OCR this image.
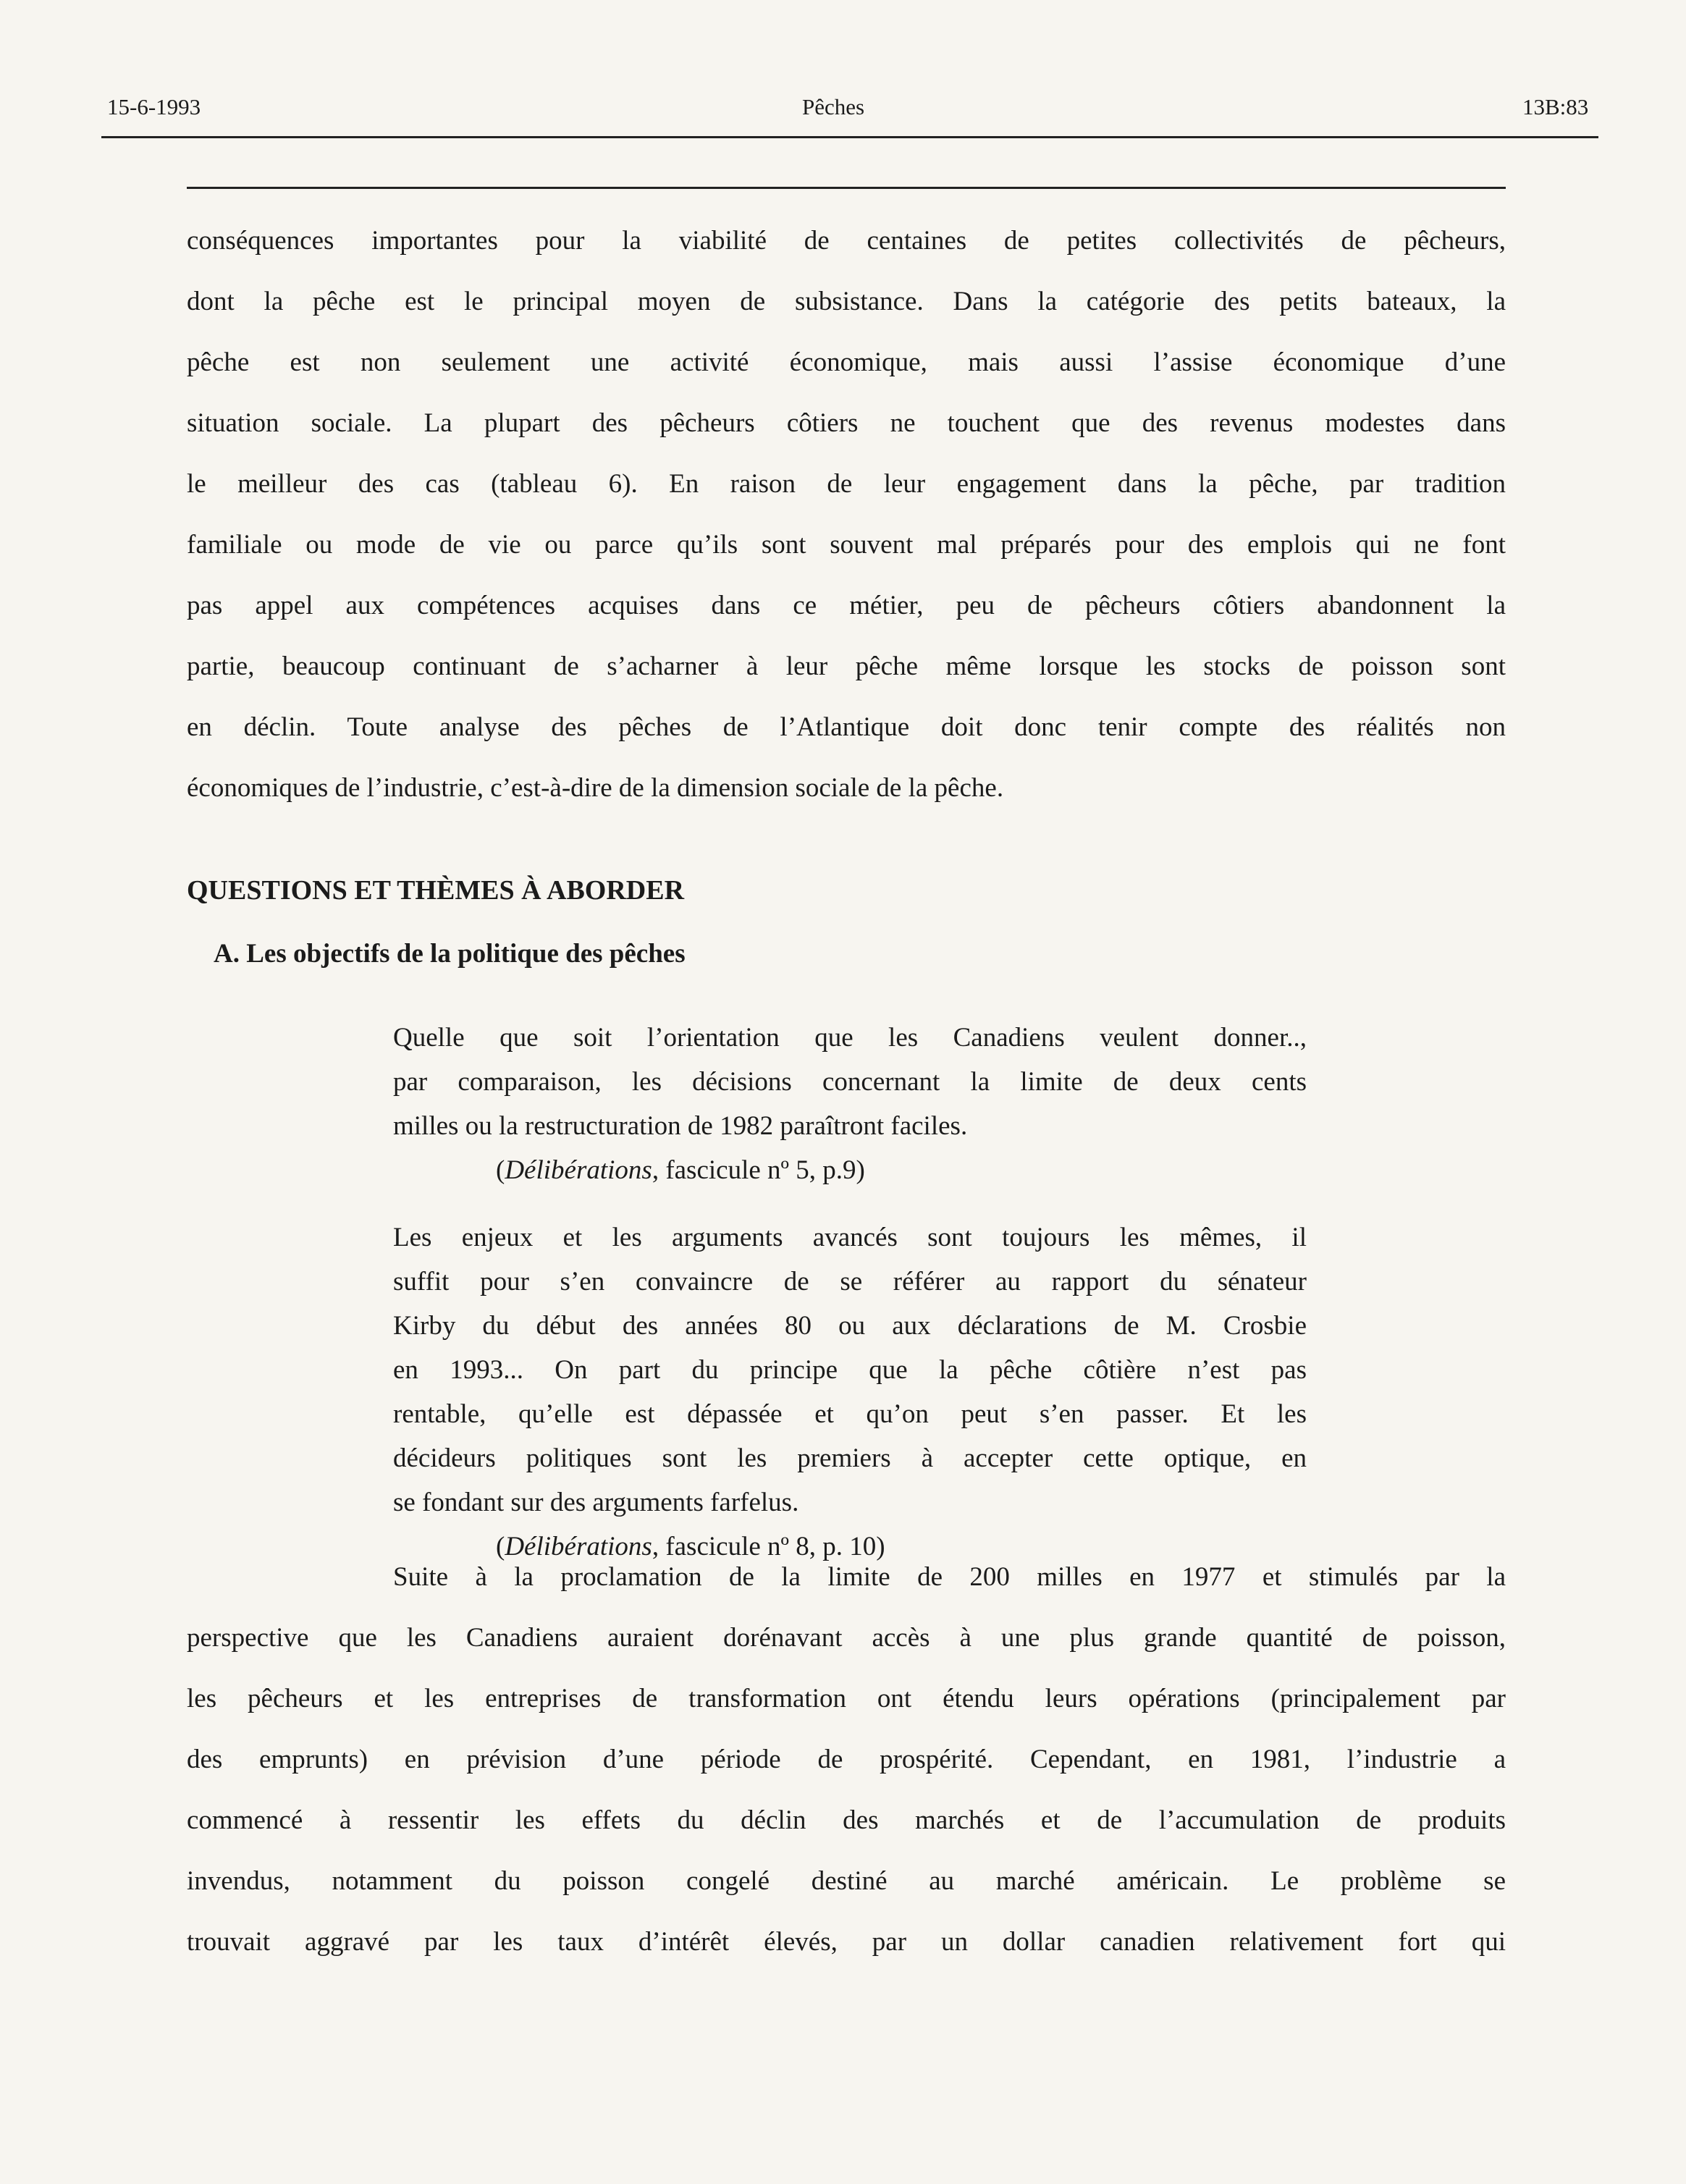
15-6-1993	Pêches	13B:83
conséquences importantes pour la viabilité de centaines de petites collectivités de pêcheurs,
dont la pêche est le principal moyen de subsistance. Dans la catégorie des petits bateaux, la
pêche est non seulement une activité économique, mais aussi l’assise économique d’une
situation sociale. La plupart des pêcheurs côtiers ne touchent que des revenus modestes dans
le meilleur des cas (tableau 6). En raison de leur engagement dans la pêche, par tradition
familiale ou mode de vie ou parce qu’ils sont souvent mal préparés pour des emplois qui ne font
pas appel aux compétences acquises dans ce métier, peu de pêcheurs côtiers abandonnent la
partie, beaucoup continuant de s’acharner à leur pêche même lorsque les stocks de poisson sont
en déclin. Toute analyse des pêches de l’Atlantique doit donc tenir compte des réalités non
économiques de l’industrie, c’est-à-dire de la dimension sociale de la pêche.
QUESTIONS ET THÈMES À ABORDER
A. Les objectifs de la politique des pêches
Quelle que soit l’orientation que les Canadiens veulent donner..,
par comparaison, les décisions concernant la limite de deux cents
milles ou la restructuration de 1982 paraîtront faciles.
(Délibérations, fascicule nº 5, p.9)
Les enjeux et les arguments avancés sont toujours les mêmes, il
suffit pour s’en convaincre de se référer au rapport du sénateur
Kirby du début des années 80 ou aux déclarations de M. Crosbie
en 1993... On part du principe que la pêche côtière n’est pas
rentable, qu’elle est dépassée et qu’on peut s’en passer. Et les
décideurs politiques sont les premiers à accepter cette optique, en
se fondant sur des arguments farfelus.
(Délibérations, fascicule nº 8, p. 10)
Suite à la proclamation de la limite de 200 milles en 1977 et stimulés par la
perspective que les Canadiens auraient dorénavant accès à une plus grande quantité de poisson,
les pêcheurs et les entreprises de transformation ont étendu leurs opérations (principalement par
des emprunts) en prévision d’une période de prospérité. Cependant, en 1981, l’industrie a
commencé à ressentir les effets du déclin des marchés et de l’accumulation de produits
invendus, notamment du poisson congelé destiné au marché américain. Le problème se
trouvait aggravé par les taux d’intérêt élevés, par un dollar canadien relativement fort qui
